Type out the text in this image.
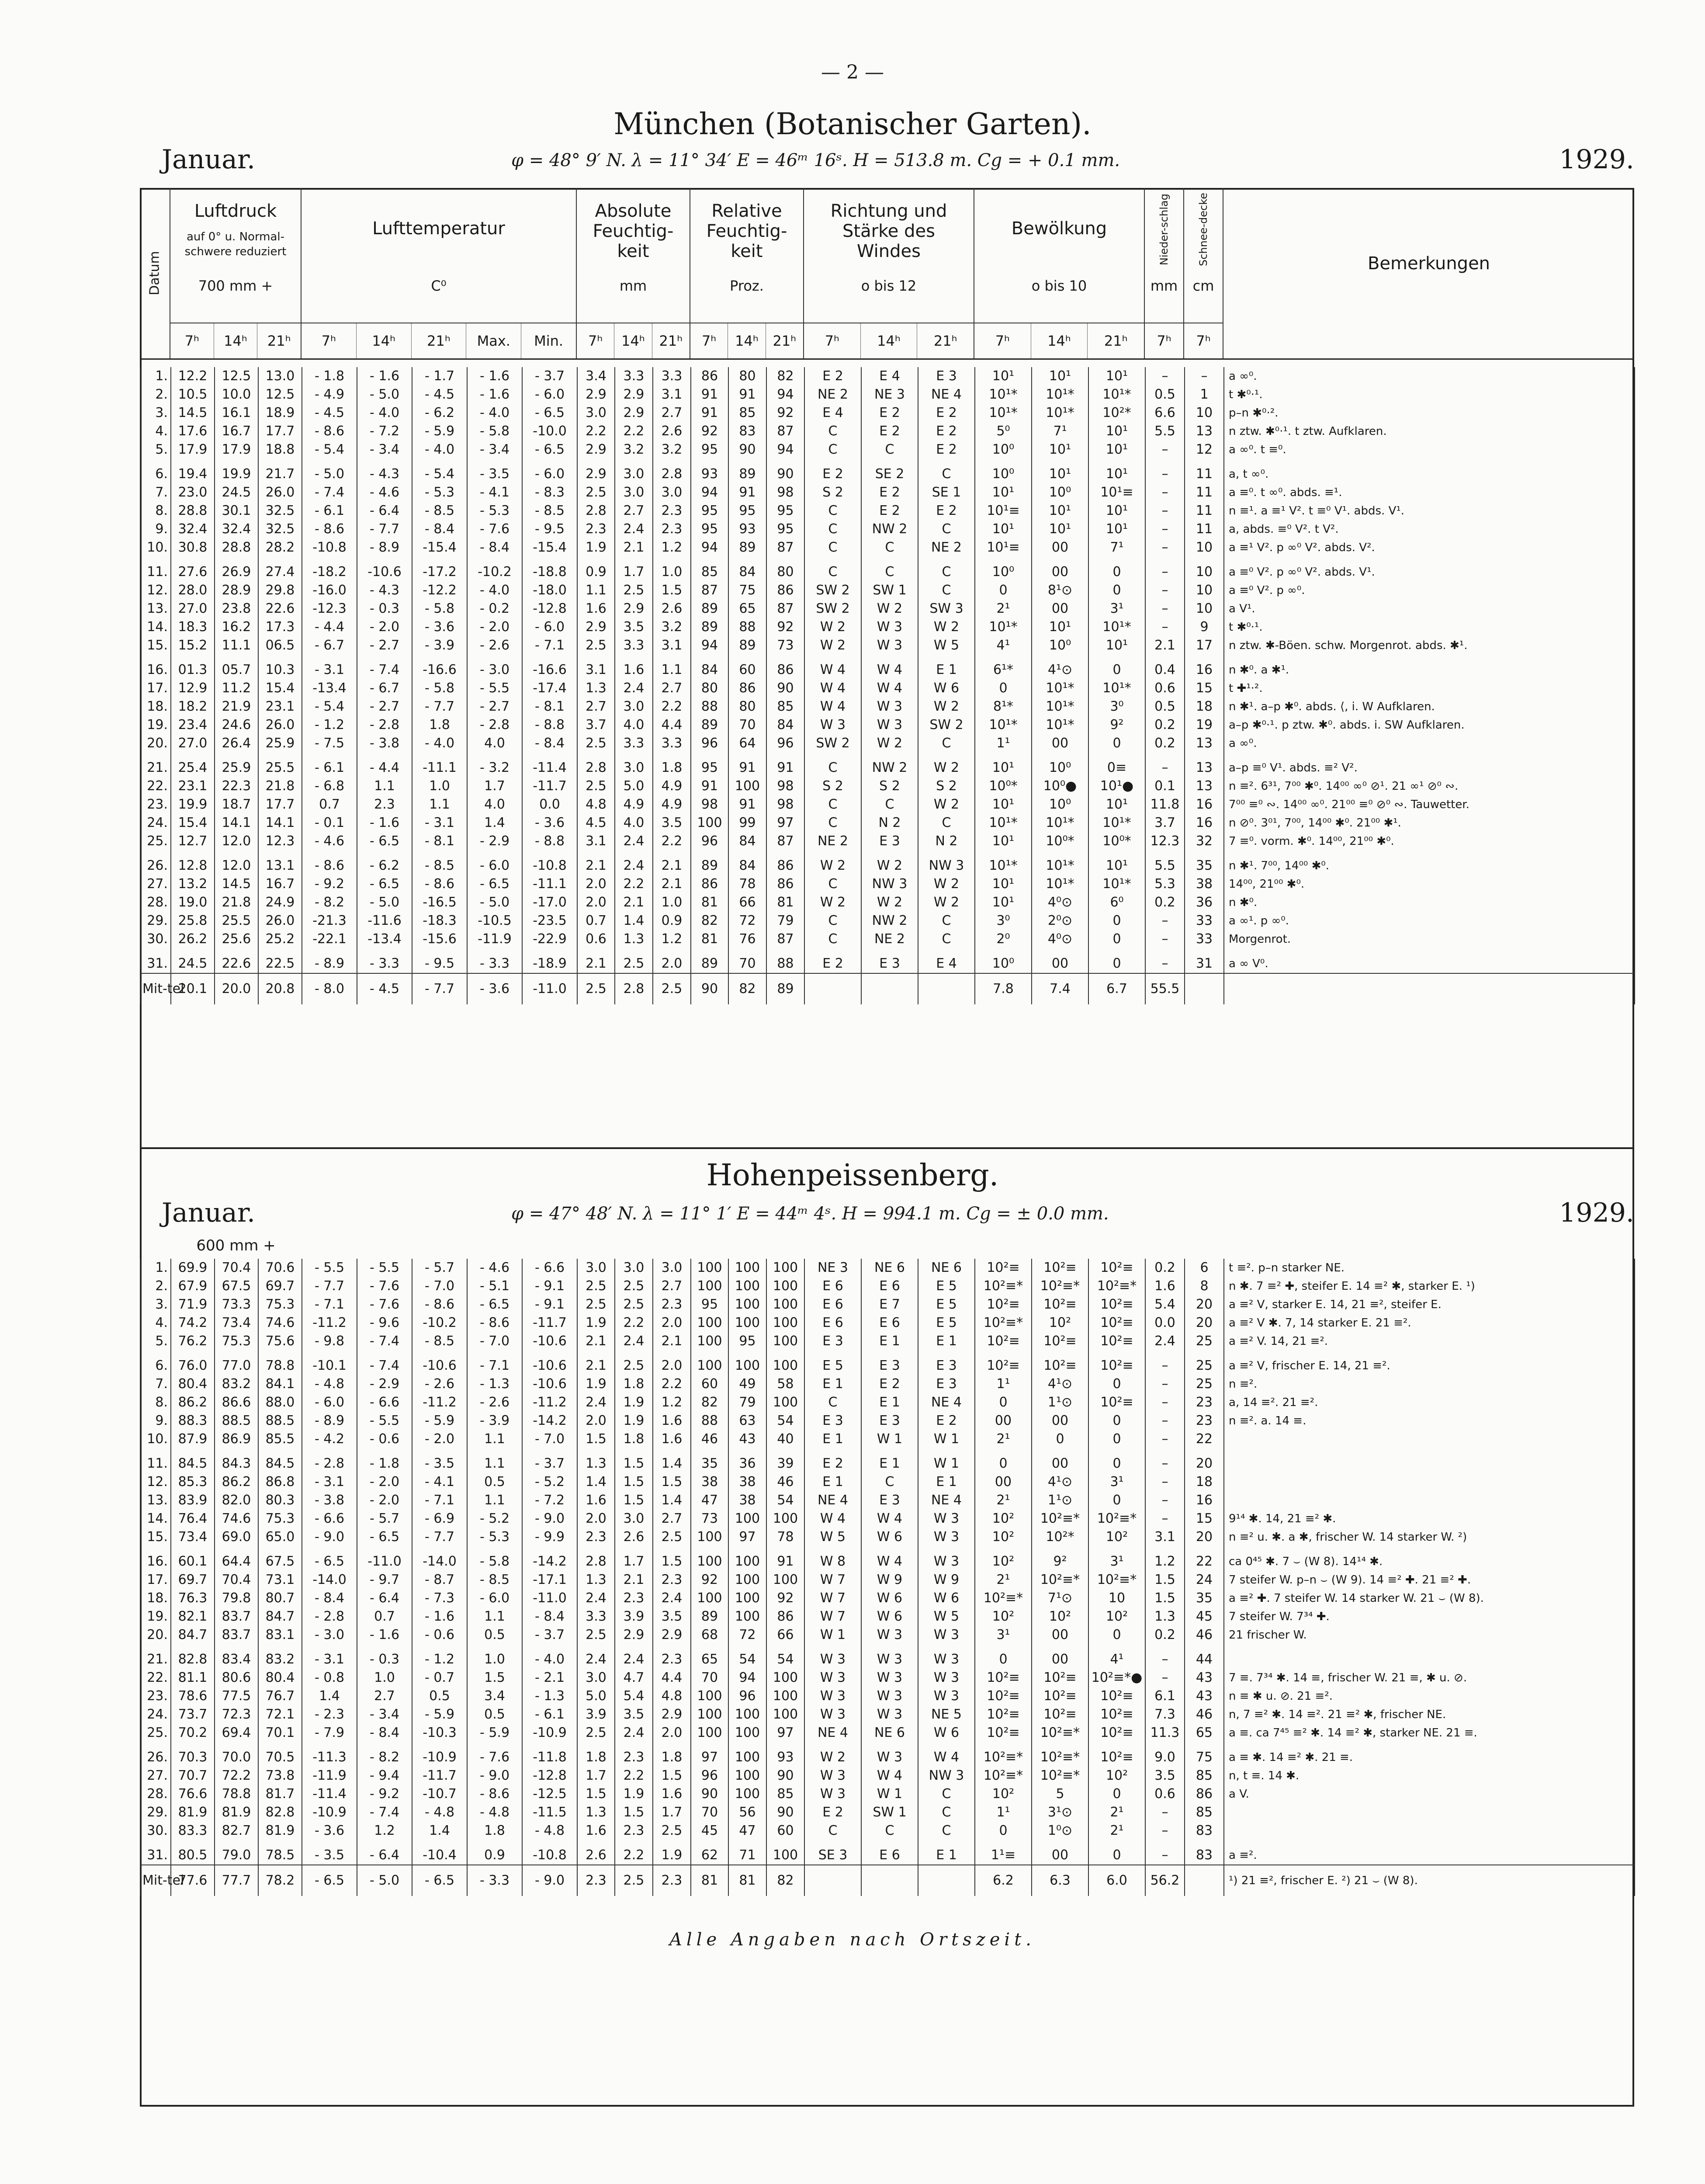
— 2 —
München (Botanischer Garten).
Januar.	φ = 48° 9′ N. λ = 11° 34′ E = 46ᵐ 16ˢ. H = 513.8 m. Cg = + 0.1 mm.	1929.
Datum
Luftdruck
auf 0° u. Normal-schwere reduziert
700 mm +
7ʰ	14ʰ	21ʰ
Lufttemperatur
C⁰
7ʰ	14ʰ	21ʰ	Max.	Min.
Absolute Feuchtig-keit
mm
7ʰ	14ʰ	21ʰ
Relative Feuchtig-keit
Proz.
7ʰ	14ʰ	21ʰ
Richtung und Stärke des Windes
o bis 12
7ʰ	14ʰ	21ʰ
Bewölkung
o bis 10
7ʰ	14ʰ	21ʰ
Nieder-schlag
mm
7ʰ
Schnee-decke
cm
7ʰ
Bemerkungen
1.	12.2	12.5	13.0	- 1.8	- 1.6	- 1.7	- 1.6	- 3.7	3.4	3.3	3.3	86	80	82	E 2	E 4	E 3	10¹	10¹	10¹	–	–	a ∞⁰.
2.	10.5	10.0	12.5	- 4.9	- 5.0	- 4.5	- 1.6	- 6.0	2.9	2.9	3.1	91	91	94	NE 2	NE 3	NE 4	10¹*	10¹*	10¹*	0.5	1	t ✱⁰·¹.
3.	14.5	16.1	18.9	- 4.5	- 4.0	- 6.2	- 4.0	- 6.5	3.0	2.9	2.7	91	85	92	E 4	E 2	E 2	10¹*	10¹*	10²*	6.6	10	p–n ✱⁰·².
4.	17.6	16.7	17.7	- 8.6	- 7.2	- 5.9	- 5.8	-10.0	2.2	2.2	2.6	92	83	87	C	E 2	E 2	5⁰	7¹	10¹	5.5	13	n ztw. ✱⁰·¹. t ztw. Aufklaren.
5.	17.9	17.9	18.8	- 5.4	- 3.4	- 4.0	- 3.4	- 6.5	2.9	3.2	3.2	95	90	94	C	C	E 2	10⁰	10¹	10¹	–	12	a ∞⁰. t ≡⁰.

6.	19.4	19.9	21.7	- 5.0	- 4.3	- 5.4	- 3.5	- 6.0	2.9	3.0	2.8	93	89	90	E 2	SE 2	C	10⁰	10¹	10¹	–	11	a, t ∞⁰.
7.	23.0	24.5	26.0	- 7.4	- 4.6	- 5.3	- 4.1	- 8.3	2.5	3.0	3.0	94	91	98	S 2	E 2	SE 1	10¹	10⁰	10¹≡	–	11	a ≡⁰. t ∞⁰. abds. ≡¹.
8.	28.8	30.1	32.5	- 6.1	- 6.4	- 8.5	- 5.3	- 8.5	2.8	2.7	2.3	95	95	95	C	E 2	E 2	10¹≡	10¹	10¹	–	11	n ≡¹. a ≡¹ V². t ≡⁰ V¹. abds. V¹.
9.	32.4	32.4	32.5	- 8.6	- 7.7	- 8.4	- 7.6	- 9.5	2.3	2.4	2.3	95	93	95	C	NW 2	C	10¹	10¹	10¹	–	11	a, abds. ≡⁰ V². t V².
10.	30.8	28.8	28.2	-10.8	- 8.9	-15.4	- 8.4	-15.4	1.9	2.1	1.2	94	89	87	C	C	NE 2	10¹≡	00	7¹	–	10	a ≡¹ V². p ∞⁰ V². abds. V².

11.	27.6	26.9	27.4	-18.2	-10.6	-17.2	-10.2	-18.8	0.9	1.7	1.0	85	84	80	C	C	C	10⁰	00	0	–	10	a ≡⁰ V². p ∞⁰ V². abds. V¹.
12.	28.0	28.9	29.8	-16.0	- 4.3	-12.2	- 4.0	-18.0	1.1	2.5	1.5	87	75	86	SW 2	SW 1	C	0	8¹⊙	0	–	10	a ≡⁰ V². p ∞⁰.
13.	27.0	23.8	22.6	-12.3	- 0.3	- 5.8	- 0.2	-12.8	1.6	2.9	2.6	89	65	87	SW 2	W 2	SW 3	2¹	00	3¹	–	10	a V¹.
14.	18.3	16.2	17.3	- 4.4	- 2.0	- 3.6	- 2.0	- 6.0	2.9	3.5	3.2	89	88	92	W 2	W 3	W 2	10¹*	10¹	10¹*	–	9	t ✱⁰·¹.
15.	15.2	11.1	06.5	- 6.7	- 2.7	- 3.9	- 2.6	- 7.1	2.5	3.3	3.1	94	89	73	W 2	W 3	W 5	4¹	10⁰	10¹	2.1	17	n ztw. ✱-Böen. schw. Morgenrot. abds. ✱¹.

16.	01.3	05.7	10.3	- 3.1	- 7.4	-16.6	- 3.0	-16.6	3.1	1.6	1.1	84	60	86	W 4	W 4	E 1	6¹*	4¹⊙	0	0.4	16	n ✱⁰. a ✱¹.
17.	12.9	11.2	15.4	-13.4	- 6.7	- 5.8	- 5.5	-17.4	1.3	2.4	2.7	80	86	90	W 4	W 4	W 6	0	10¹*	10¹*	0.6	15	t ✚¹·².
18.	18.2	21.9	23.1	- 5.4	- 2.7	- 7.7	- 2.7	- 8.1	2.7	3.0	2.2	88	80	85	W 4	W 3	W 2	8¹*	10¹*	3⁰	0.5	18	n ✱¹. a–p ✱⁰. abds. ⟨, i. W Aufklaren.
19.	23.4	24.6	26.0	- 1.2	- 2.8	1.8	- 2.8	- 8.8	3.7	4.0	4.4	89	70	84	W 3	W 3	SW 2	10¹*	10¹*	9²	0.2	19	a–p ✱⁰·¹. p ztw. ✱⁰. abds. i. SW Aufklaren.
20.	27.0	26.4	25.9	- 7.5	- 3.8	- 4.0	4.0	- 8.4	2.5	3.3	3.3	96	64	96	SW 2	W 2	C	1¹	00	0	0.2	13	a ∞⁰.

21.	25.4	25.9	25.5	- 6.1	- 4.4	-11.1	- 3.2	-11.4	2.8	3.0	1.8	95	91	91	C	NW 2	W 2	10¹	10⁰	0≡	–	13	a–p ≡⁰ V¹. abds. ≡² V².
22.	23.1	22.3	21.8	- 6.8	1.1	1.0	1.7	-11.7	2.5	5.0	4.9	91	100	98	S 2	S 2	S 2	10⁰*	10⁰●	10¹●	0.1	13	n ≡². 6³¹, 7⁰⁰ ✱⁰. 14⁰⁰ ∞⁰ ⊘¹. 21 ∞¹ ⊘⁰ ∾.
23.	19.9	18.7	17.7	0.7	2.3	1.1	4.0	0.0	4.8	4.9	4.9	98	91	98	C	C	W 2	10¹	10⁰	10¹	11.8	16	7⁰⁰ ≡⁰ ∾. 14⁰⁰ ∞⁰. 21⁰⁰ ≡⁰ ⊘⁰ ∾. Tauwetter.
24.	15.4	14.1	14.1	- 0.1	- 1.6	- 3.1	1.4	- 3.6	4.5	4.0	3.5	100	99	97	C	N 2	C	10¹*	10¹*	10¹*	3.7	16	n ⊘⁰. 3⁰¹, 7⁰⁰, 14⁰⁰ ✱⁰. 21⁰⁰ ✱¹.
25.	12.7	12.0	12.3	- 4.6	- 6.5	- 8.1	- 2.9	- 8.8	3.1	2.4	2.2	96	84	87	NE 2	E 3	N 2	10¹	10⁰*	10⁰*	12.3	32	7 ≡⁰. vorm. ✱⁰. 14⁰⁰, 21⁰⁰ ✱⁰.

26.	12.8	12.0	13.1	- 8.6	- 6.2	- 8.5	- 6.0	-10.8	2.1	2.4	2.1	89	84	86	W 2	W 2	NW 3	10¹*	10¹*	10¹	5.5	35	n ✱¹. 7⁰⁰, 14⁰⁰ ✱⁰.
27.	13.2	14.5	16.7	- 9.2	- 6.5	- 8.6	- 6.5	-11.1	2.0	2.2	2.1	86	78	86	C	NW 3	W 2	10¹	10¹*	10¹*	5.3	38	14⁰⁰, 21⁰⁰ ✱⁰.
28.	19.0	21.8	24.9	- 8.2	- 5.0	-16.5	- 5.0	-17.0	2.0	2.1	1.0	81	66	81	W 2	W 2	W 2	10¹	4⁰⊙	6⁰	0.2	36	n ✱⁰.
29.	25.8	25.5	26.0	-21.3	-11.6	-18.3	-10.5	-23.5	0.7	1.4	0.9	82	72	79	C	NW 2	C	3⁰	2⁰⊙	0	–	33	a ∞¹. p ∞⁰.
30.	26.2	25.6	25.2	-22.1	-13.4	-15.6	-11.9	-22.9	0.6	1.3	1.2	81	76	87	C	NE 2	C	2⁰	4⁰⊙	0	–	33	Morgenrot.

31.	24.5	22.6	22.5	- 8.9	- 3.3	- 9.5	- 3.3	-18.9	2.1	2.5	2.0	89	70	88	E 2	E 3	E 4	10⁰	00	0	–	31	a ∞ V⁰.
Mit-tel	20.1	20.0	20.8	- 8.0	- 4.5	- 7.7	- 3.6	-11.0	2.5	2.8	2.5	90	82	89				7.8	7.4	6.7	55.5		
Hohenpeissenberg.
Januar.	φ = 47° 48′ N. λ = 11° 1′ E = 44ᵐ 4ˢ. H = 994.1 m. Cg = ± 0.0 mm.	1929.
600 mm +
1.	69.9	70.4	70.6	- 5.5	- 5.5	- 5.7	- 4.6	- 6.6	3.0	3.0	3.0	100	100	100	NE 3	NE 6	NE 6	10²≡	10²≡	10²≡	0.2	6	t ≡². p–n starker NE.
2.	67.9	67.5	69.7	- 7.7	- 7.6	- 7.0	- 5.1	- 9.1	2.5	2.5	2.7	100	100	100	E 6	E 6	E 5	10²≡*	10²≡*	10²≡*	1.6	8	n ✱. 7 ≡² ✚, steifer E. 14 ≡² ✱, starker E. ¹)
3.	71.9	73.3	75.3	- 7.1	- 7.6	- 8.6	- 6.5	- 9.1	2.5	2.5	2.3	95	100	100	E 6	E 7	E 5	10²≡	10²≡	10²≡	5.4	20	a ≡² V, starker E. 14, 21 ≡², steifer E.
4.	74.2	73.4	74.6	-11.2	- 9.6	-10.2	- 8.6	-11.7	1.9	2.2	2.0	100	100	100	E 6	E 6	E 5	10²≡*	10²	10²≡	0.0	20	a ≡² V ✱. 7, 14 starker E. 21 ≡².
5.	76.2	75.3	75.6	- 9.8	- 7.4	- 8.5	- 7.0	-10.6	2.1	2.4	2.1	100	95	100	E 3	E 1	E 1	10²≡	10²≡	10²≡	2.4	25	a ≡² V. 14, 21 ≡².

6.	76.0	77.0	78.8	-10.1	- 7.4	-10.6	- 7.1	-10.6	2.1	2.5	2.0	100	100	100	E 5	E 3	E 3	10²≡	10²≡	10²≡	–	25	a ≡² V, frischer E. 14, 21 ≡².
7.	80.4	83.2	84.1	- 4.8	- 2.9	- 2.6	- 1.3	-10.6	1.9	1.8	2.2	60	49	58	E 1	E 2	E 3	1¹	4¹⊙	0	–	25	n ≡².
8.	86.2	86.6	88.0	- 6.0	- 6.6	-11.2	- 2.6	-11.2	2.4	1.9	1.2	82	79	100	C	E 1	NE 4	0	1¹⊙	10²≡	–	23	a, 14 ≡². 21 ≡².
9.	88.3	88.5	88.5	- 8.9	- 5.5	- 5.9	- 3.9	-14.2	2.0	1.9	1.6	88	63	54	E 3	E 3	E 2	00	00	0	–	23	n ≡². a. 14 ≡.
10.	87.9	86.9	85.5	- 4.2	- 0.6	- 2.0	1.1	- 7.0	1.5	1.8	1.6	46	43	40	E 1	W 1	W 1	2¹	0	0	–	22	

11.	84.5	84.3	84.5	- 2.8	- 1.8	- 3.5	1.1	- 3.7	1.3	1.5	1.4	35	36	39	E 2	E 1	W 1	0	00	0	–	20	
12.	85.3	86.2	86.8	- 3.1	- 2.0	- 4.1	0.5	- 5.2	1.4	1.5	1.5	38	38	46	E 1	C	E 1	00	4¹⊙	3¹	–	18	
13.	83.9	82.0	80.3	- 3.8	- 2.0	- 7.1	1.1	- 7.2	1.6	1.5	1.4	47	38	54	NE 4	E 3	NE 4	2¹	1¹⊙	0	–	16	
14.	76.4	74.6	75.3	- 6.6	- 5.7	- 6.9	- 5.2	- 9.0	2.0	3.0	2.7	73	100	100	W 4	W 4	W 3	10²	10²≡*	10²≡*	–	15	9¹⁴ ✱. 14, 21 ≡² ✱.
15.	73.4	69.0	65.0	- 9.0	- 6.5	- 7.7	- 5.3	- 9.9	2.3	2.6	2.5	100	97	78	W 5	W 6	W 3	10²	10²*	10²	3.1	20	n ≡² u. ✱. a ✱, frischer W. 14 starker W. ²)

16.	60.1	64.4	67.5	- 6.5	-11.0	-14.0	- 5.8	-14.2	2.8	1.7	1.5	100	100	91	W 8	W 4	W 3	10²	9²	3¹	1.2	22	ca 0⁴⁵ ✱. 7 ⌣ (W 8). 14¹⁴ ✱.
17.	69.7	70.4	73.1	-14.0	- 9.7	- 8.7	- 8.5	-17.1	1.3	2.1	2.3	92	100	100	W 7	W 9	W 9	2¹	10²≡*	10²≡*	1.5	24	7 steifer W. p–n ⌣ (W 9). 14 ≡² ✚. 21 ≡² ✚.
18.	76.3	79.8	80.7	- 8.4	- 6.4	- 7.3	- 6.0	-11.0	2.4	2.3	2.4	100	100	92	W 7	W 6	W 6	10²≡*	7¹⊙	10	1.5	35	a ≡² ✚. 7 steifer W. 14 starker W. 21 ⌣ (W 8).
19.	82.1	83.7	84.7	- 2.8	0.7	- 1.6	1.1	- 8.4	3.3	3.9	3.5	89	100	86	W 7	W 6	W 5	10²	10²	10²	1.3	45	7 steifer W. 7³⁴ ✚.
20.	84.7	83.7	83.1	- 3.0	- 1.6	- 0.6	0.5	- 3.7	2.5	2.9	2.9	68	72	66	W 1	W 3	W 3	3¹	00	0	0.2	46	21 frischer W.

21.	82.8	83.4	83.2	- 3.1	- 0.3	- 1.2	1.0	- 4.0	2.4	2.4	2.3	65	54	54	W 3	W 3	W 3	0	00	4¹	–	44	
22.	81.1	80.6	80.4	- 0.8	1.0	- 0.7	1.5	- 2.1	3.0	4.7	4.4	70	94	100	W 3	W 3	W 3	10²≡	10²≡	10²≡*●	–	43	7 ≡. 7³⁴ ✱. 14 ≡, frischer W. 21 ≡, ✱ u. ⊘.
23.	78.6	77.5	76.7	1.4	2.7	0.5	3.4	- 1.3	5.0	5.4	4.8	100	96	100	W 3	W 3	W 3	10²≡	10²≡	10²≡	6.1	43	n ≡ ✱ u. ⊘. 21 ≡².
24.	73.7	72.3	72.1	- 2.3	- 3.4	- 5.9	0.5	- 6.1	3.9	3.5	2.9	100	100	100	W 3	W 3	NE 5	10²≡	10²≡	10²≡	7.3	46	n, 7 ≡² ✱. 14 ≡². 21 ≡² ✱, frischer NE.
25.	70.2	69.4	70.1	- 7.9	- 8.4	-10.3	- 5.9	-10.9	2.5	2.4	2.0	100	100	97	NE 4	NE 6	W 6	10²≡	10²≡*	10²≡	11.3	65	a ≡. ca 7⁴⁵ ≡² ✱. 14 ≡² ✱, starker NE. 21 ≡.

26.	70.3	70.0	70.5	-11.3	- 8.2	-10.9	- 7.6	-11.8	1.8	2.3	1.8	97	100	93	W 2	W 3	W 4	10²≡*	10²≡*	10²≡	9.0	75	a ≡ ✱. 14 ≡² ✱. 21 ≡.
27.	70.7	72.2	73.8	-11.9	- 9.4	-11.7	- 9.0	-12.8	1.7	2.2	1.5	96	100	90	W 3	W 4	NW 3	10²≡*	10²≡*	10²	3.5	85	n, t ≡. 14 ✱.
28.	76.6	78.8	81.7	-11.4	- 9.2	-10.7	- 8.6	-12.5	1.5	1.9	1.6	90	100	85	W 3	W 1	C	10²	5	0	0.6	86	a V.
29.	81.9	81.9	82.8	-10.9	- 7.4	- 4.8	- 4.8	-11.5	1.3	1.5	1.7	70	56	90	E 2	SW 1	C	1¹	3¹⊙	2¹	–	85	
30.	83.3	82.7	81.9	- 3.6	1.2	1.4	1.8	- 4.8	1.6	2.3	2.5	45	47	60	C	C	C	0	1⁰⊙	2¹	–	83	

31.	80.5	79.0	78.5	- 3.5	- 6.4	-10.4	0.9	-10.8	2.6	2.2	1.9	62	71	100	SE 3	E 6	E 1	1¹≡	00	0	–	83	a ≡².
Mit-tel	77.6	77.7	78.2	- 6.5	- 5.0	- 6.5	- 3.3	- 9.0	2.3	2.5	2.3	81	81	82				6.2	6.3	6.0	56.2		¹) 21 ≡², frischer E. ²) 21 ⌣ (W 8).
Alle Angaben nach Ortszeit.
